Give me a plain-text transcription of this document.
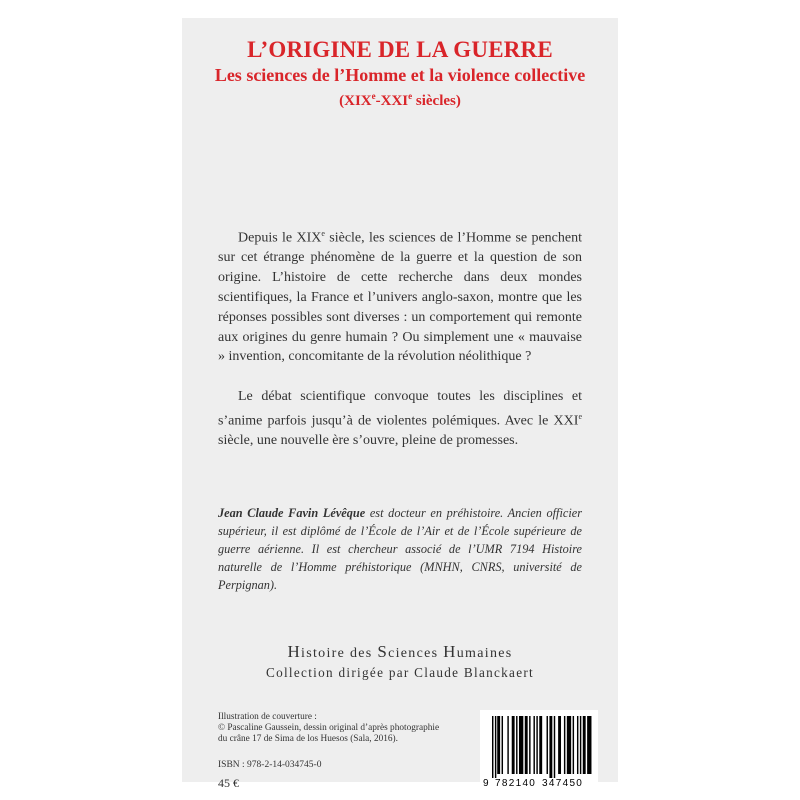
L’ORIGINE DE LA GUERRE
Les sciences de l’Homme et la violence collective
(XIXe-XXIe siècles)

Depuis le XIXe siècle, les sciences de l’Homme se penchent sur cet étrange phénomène de la guerre et la question de son origine. L’histoire de cette recherche dans deux mondes scientifiques, la France et l’univers anglo-saxon, montre que les réponses possibles sont diverses : un comportement qui remonte aux origines du genre humain ? Ou simplement une « mauvaise » invention, concomitante de la révolution néolithique ?

Le débat scientifique convoque toutes les disciplines et s’anime parfois jusqu’à de violentes polémiques. Avec le XXIe siècle, une nouvelle ère s’ouvre, pleine de promesses.

Jean Claude Favin Lévêque est docteur en préhistoire. Ancien officier supérieur, il est diplômé de l’École de l’Air et de l’École supérieure de guerre aérienne. Il est chercheur associé de l’UMR 7194 Histoire naturelle de l’Homme préhistorique (MNHN, CNRS, université de Perpignan).
Histoire des Sciences Humaines
Collection dirigée par Claude Blanckaert
Illustration de couverture :
© Pascaline Gaussein, dessin original d’après photographie
du crâne 17 de Sima de los Huesos (Sala, 2016).
ISBN : 978-2-14-034745-0
45 €	9 782140 347450
